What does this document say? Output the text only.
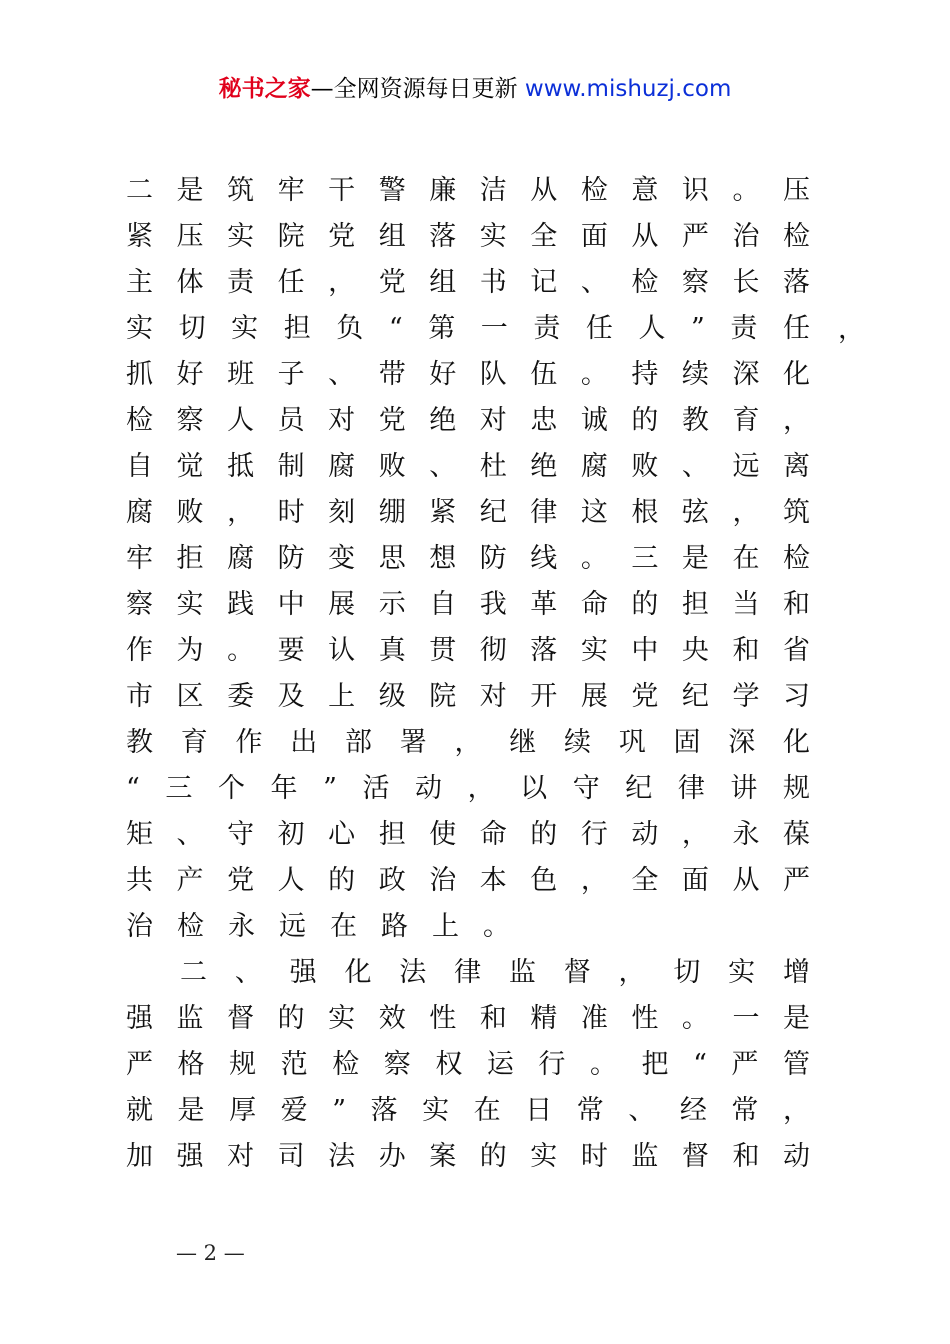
秘书之家—全网资源每日更新 www.mishuzj.com
二是筑牢干警廉洁从检意识。压
紧压实院党组落实全面从严治检
主体责任，党组书记、检察长落
实切实担负“第一责任人”责任
抓好班子、带好队伍。持续深化
检察人员对党绝对忠诚的教育，
自觉抵制腐败、杜绝腐败、远离
腐败，时刻绷紧纪律这根弦，筑
牢拒腐防变思想防线。三是在检
察实践中展示自我革命的担当和
作为。要认真贯彻落实中央和省
市区委及上级院对开展党纪学习
教育作出部署，继续巩固深化
“三个年”活动，以守纪律讲规
矩、守初心担使命的行动，永葆
共产党人的政治本色，全面从严
治检永远在路上。
二、强化法律监督，切实增
强监督的实效性和精准性。一是
严格规范检察权运行。把“严管
就是厚爱”落实在日常、经常，
加强对司法办案的实时监督和动
，
— 2 —
